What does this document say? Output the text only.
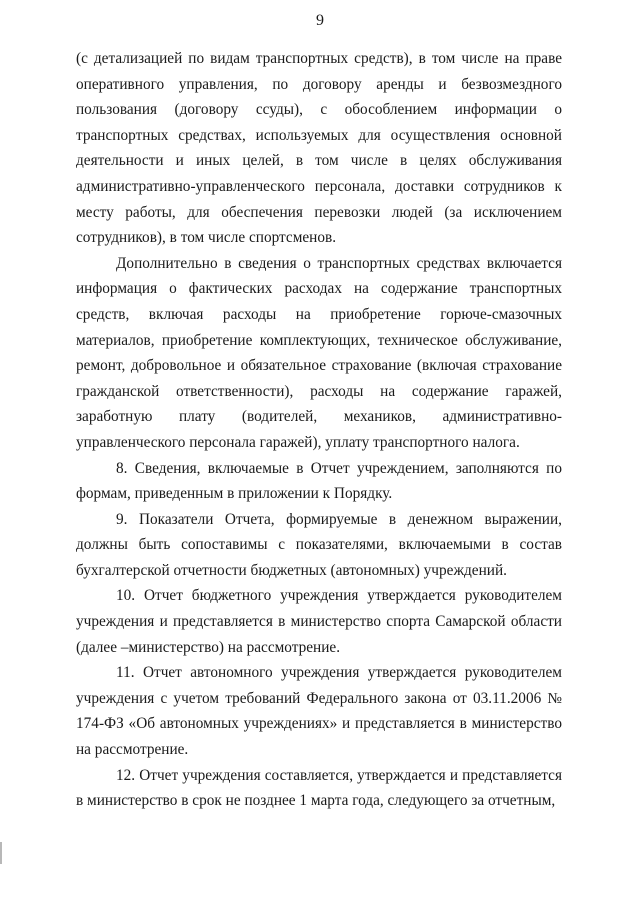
9

(с детализацией по видам транспортных средств), в том числе на праве оперативного управления, по договору аренды и безвозмездного пользования (договору ссуды), с обособлением информации о транспортных средствах, используемых для осуществления основной деятельности и иных целей, в том числе в целях обслуживания административно-управленческого персонала, доставки сотрудников к месту работы, для обеспечения перевозки людей (за исключением сотрудников), в том числе спортсменов.

Дополнительно в сведения о транспортных средствах включается информация о фактических расходах на содержание транспортных средств, включая расходы на приобретение горюче-смазочных материалов, приобретение комплектующих, техническое обслуживание, ремонт, добровольное и обязательное страхование (включая страхование гражданской ответственности), расходы на содержание гаражей, заработную плату (водителей, механиков, административно-управленческого персонала гаражей), уплату транспортного налога.

8. Сведения, включаемые в Отчет учреждением, заполняются по формам, приведенным в приложении к Порядку.

9. Показатели Отчета, формируемые в денежном выражении, должны быть сопоставимы с показателями, включаемыми в состав бухгалтерской отчетности бюджетных (автономных) учреждений.

10. Отчет бюджетного учреждения утверждается руководителем учреждения и представляется в министерство спорта Самарской области (далее –министерство) на рассмотрение.

11. Отчет автономного учреждения утверждается руководителем учреждения с учетом требований Федерального закона от 03.11.2006 № 174-ФЗ «Об автономных учреждениях» и представляется в министерство на рассмотрение.

12. Отчет учреждения составляется, утверждается и представляется в министерство в срок не позднее 1 марта года, следующего за отчетным,
